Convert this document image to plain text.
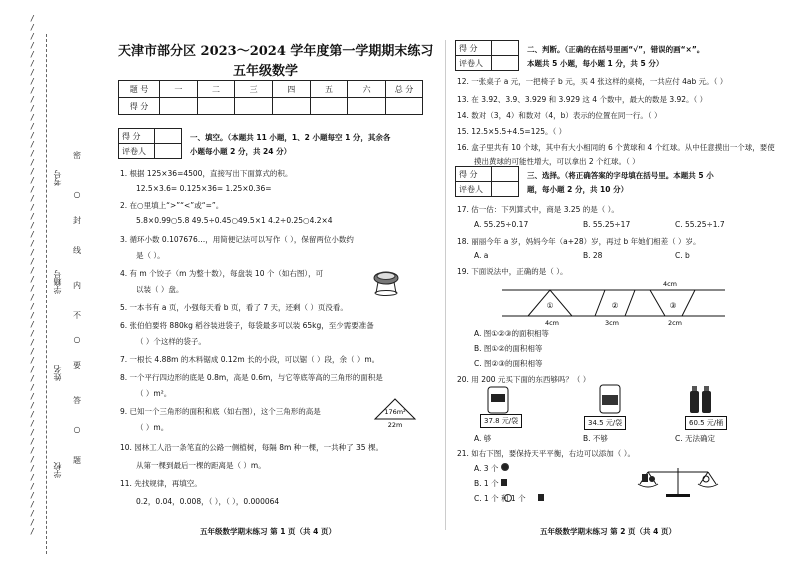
/
/
/
/
/
/
/
/
/
/
/
/
/
/
/
/
/
/
/
/
/
/
/
/
/
/
/
/
/
/
/
/
/
/
/
/
/
/
/
/
/
/
/
/
/
/
/
/
/
/
/
/
/
/
/
/
/
/
考号
学籍号
姓名
学校
密
○
封
线
内
不
○
要
答
○
题
天津市部分区 2023～2024 学年度第一学期期末练习
五年级数学
题 号	一	二	三	四	五	六	总 分
得 分							
得 分	
评卷人	
一、填空。（本题共 11 小题，1、2 小题每空 1 分，其余各
小题每小题 2 分，共 24 分）
1. 根据 125×36=4500，直接写出下面算式的积。
12.5×3.6= 0.125×36= 1.25×0.36=
2. 在○里填上“>”“<”或“=”。
5.8×0.99○5.8 49.5÷0.45○49.5×1 4.2÷0.25○4.2×4
3. 循环小数 0.107676…，用简便记法可以写作（ ），保留两位小数约
是（ ）。
4. 有 m 个饺子（m 为整十数），每盘装 10 个（如右图），可
以装（ ）盘。
5. 一本书有 a 页，小强每天看 b 页，看了 7 天，还剩（ ）页没看。
6. 张伯伯要将 880kg 稻谷装进袋子，每袋最多可以装 65kg，至少需要准备
（ ）个这样的袋子。
7. 一根长 4.88m 的木料锯成 0.12m 长的小段，可以锯（ ）段，余（ ）m。
8. 一个平行四边形的底是 0.8m，高是 0.6m，与它等底等高的三角形的面积是
（ ）m²。
9. 已知一个三角形的面积和底（如右图），这个三角形的高是
（ ）m。
176m²
22m
10. 园林工人沿一条笔直的公路一侧植树，每隔 8m 种一棵，一共种了 35 棵。
从第一棵到最后一棵的距离是（ ）m。
11. 先找规律，再填空。
0.2，0.04，0.008，（ ），（ ），0.000064
五年级数学期末练习 第 1 页（共 4 页）
得 分	
评卷人	
二、判断。（正确的在括号里画“√”，错误的画“×”。
本题共 5 小题，每小题 1 分，共 5 分）
12. 一张桌子 a 元，一把椅子 b 元，买 4 张这样的桌椅，一共应付 4ab 元。（ ）
13. 在 3.9̇2̇、3.9̇、3.929 和 3.9̇2̇9̇ 这 4 个数中，最大的数是 3.9̇2̇。（ ）
14. 数对（3，4）和数对（4，b）表示的位置在同一行。（ ）
15. 12.5×5.5+4.5=125。（ ）
16. 盒子里共有 10 个球，其中有大小相同的 6 个黄球和 4 个红球。从中任意摸出一个球，要使
摸出黄球的可能性增大，可以拿出 2 个红球。（ ）
得 分	
评卷人	
三、选择。（将正确答案的字母填在括号里。本题共 5 小
题，每小题 2 分，共 10 分）
17. 估一估：下列算式中，商是 3.25 的是（ ）。
A. 55.25÷0.17	B. 55.25÷17	C. 55.25÷1.7
18. 丽丽今年 a 岁，妈妈今年（a+28）岁，再过 b 年她们相差（ ）岁。
A. a	B. 28	C. b
19. 下面说法中，正确的是（ ）。
4cm
①	②	③
4cm	3cm	2cm
A. 图①②③的面积相等
B. 图①②的面积相等
C. 图②③的面积相等
20. 用 200 元买下面的东西够吗？（ ）
37.8 元/袋	34.5 元/袋	60.5 元/桶
A. 够	B. 不够	C. 无法确定
21. 如右下图，要保持天平平衡，右边可以添加（ ）。
A. 3 个
B. 1 个
C. 1 个 和 1 个
五年级数学期末练习 第 2 页（共 4 页）
